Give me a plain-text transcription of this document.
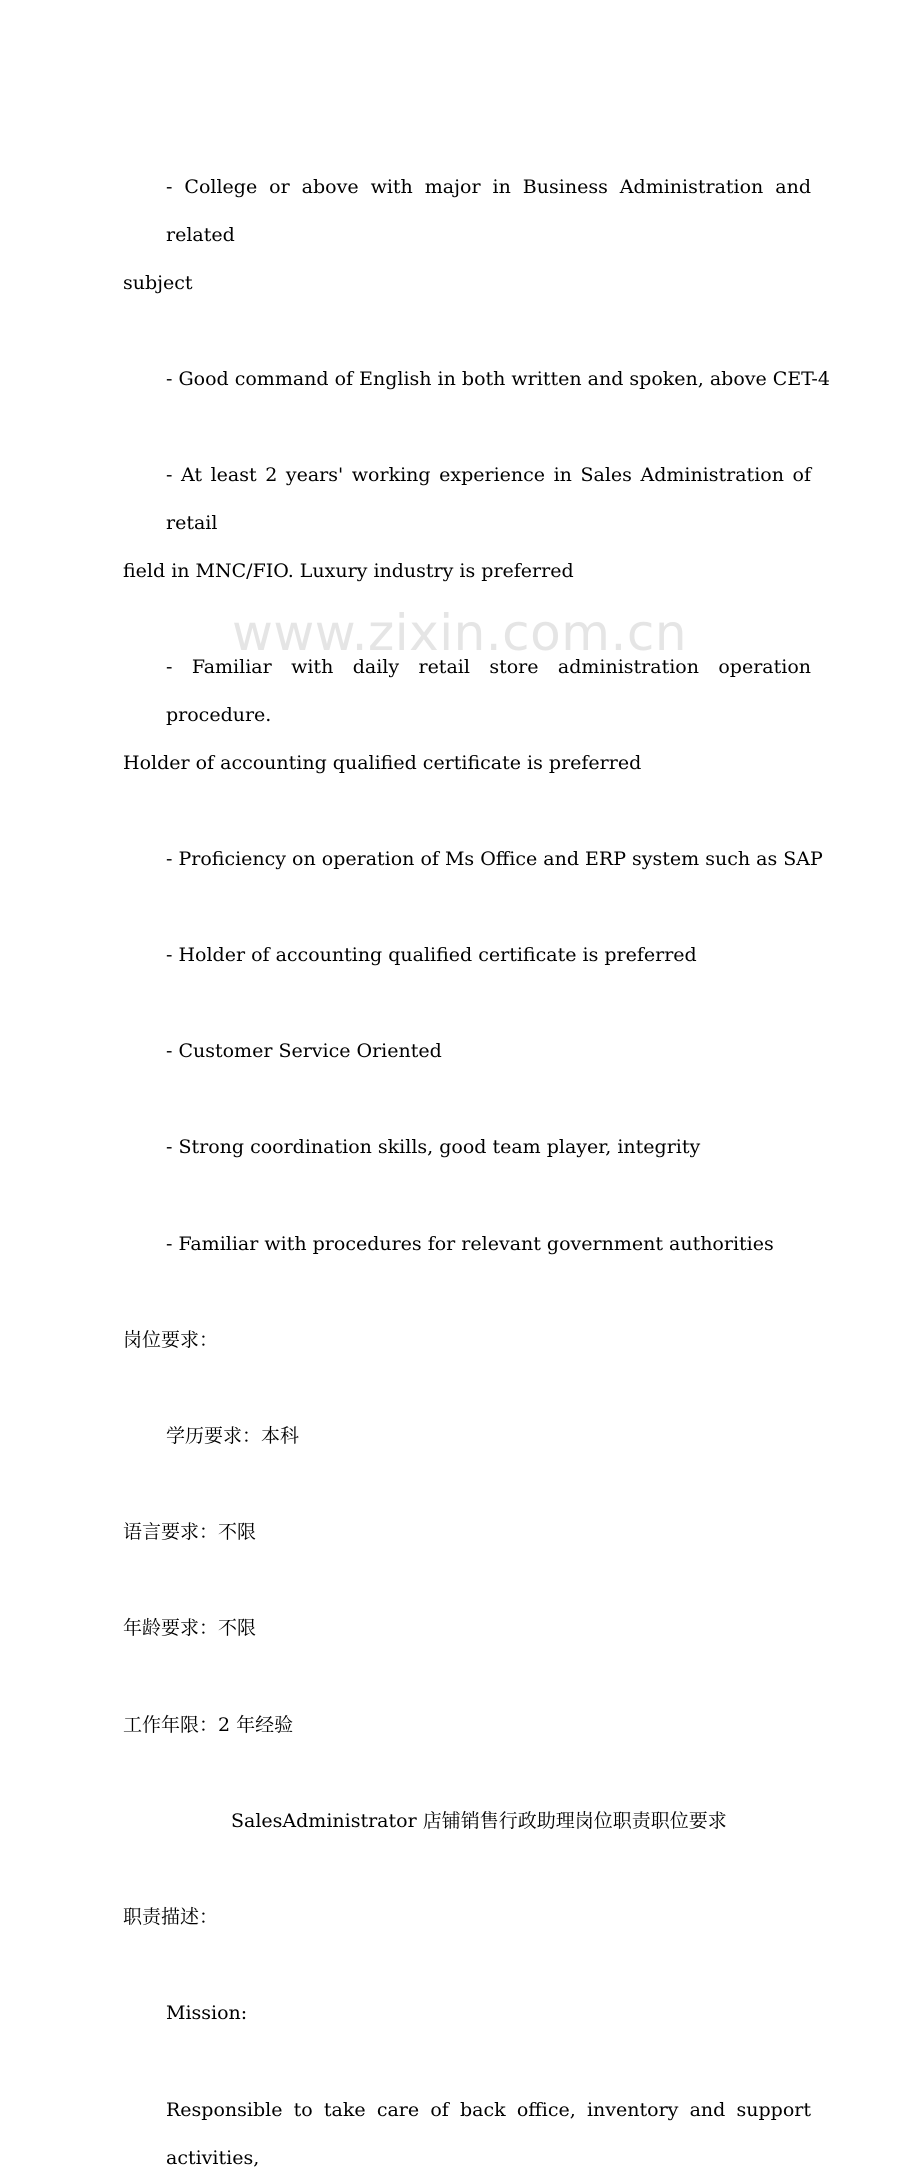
www.zixin.com.cn
- College or above with major in Business Administration and related
subject
- Good command of English in both written and spoken, above CET-4
- At least 2 years' working experience in Sales Administration of retail
field in MNC/FIO. Luxury industry is preferred
- Familiar with daily retail store administration operation procedure.
Holder of accounting qualified certificate is preferred
- Proficiency on operation of Ms Office and ERP system such as SAP
- Holder of accounting qualified certificate is preferred
- Customer Service Oriented
- Strong coordination skills, good team player, integrity
- Familiar with procedures for relevant government authorities
岗位要求：
学历要求：本科
语言要求：不限
年龄要求：不限
工作年限：2 年经验
SalesAdministrator 店铺销售行政助理岗位职责职位要求
职责描述：
Mission:
Responsible to take care of back office, inventory and support activities,
